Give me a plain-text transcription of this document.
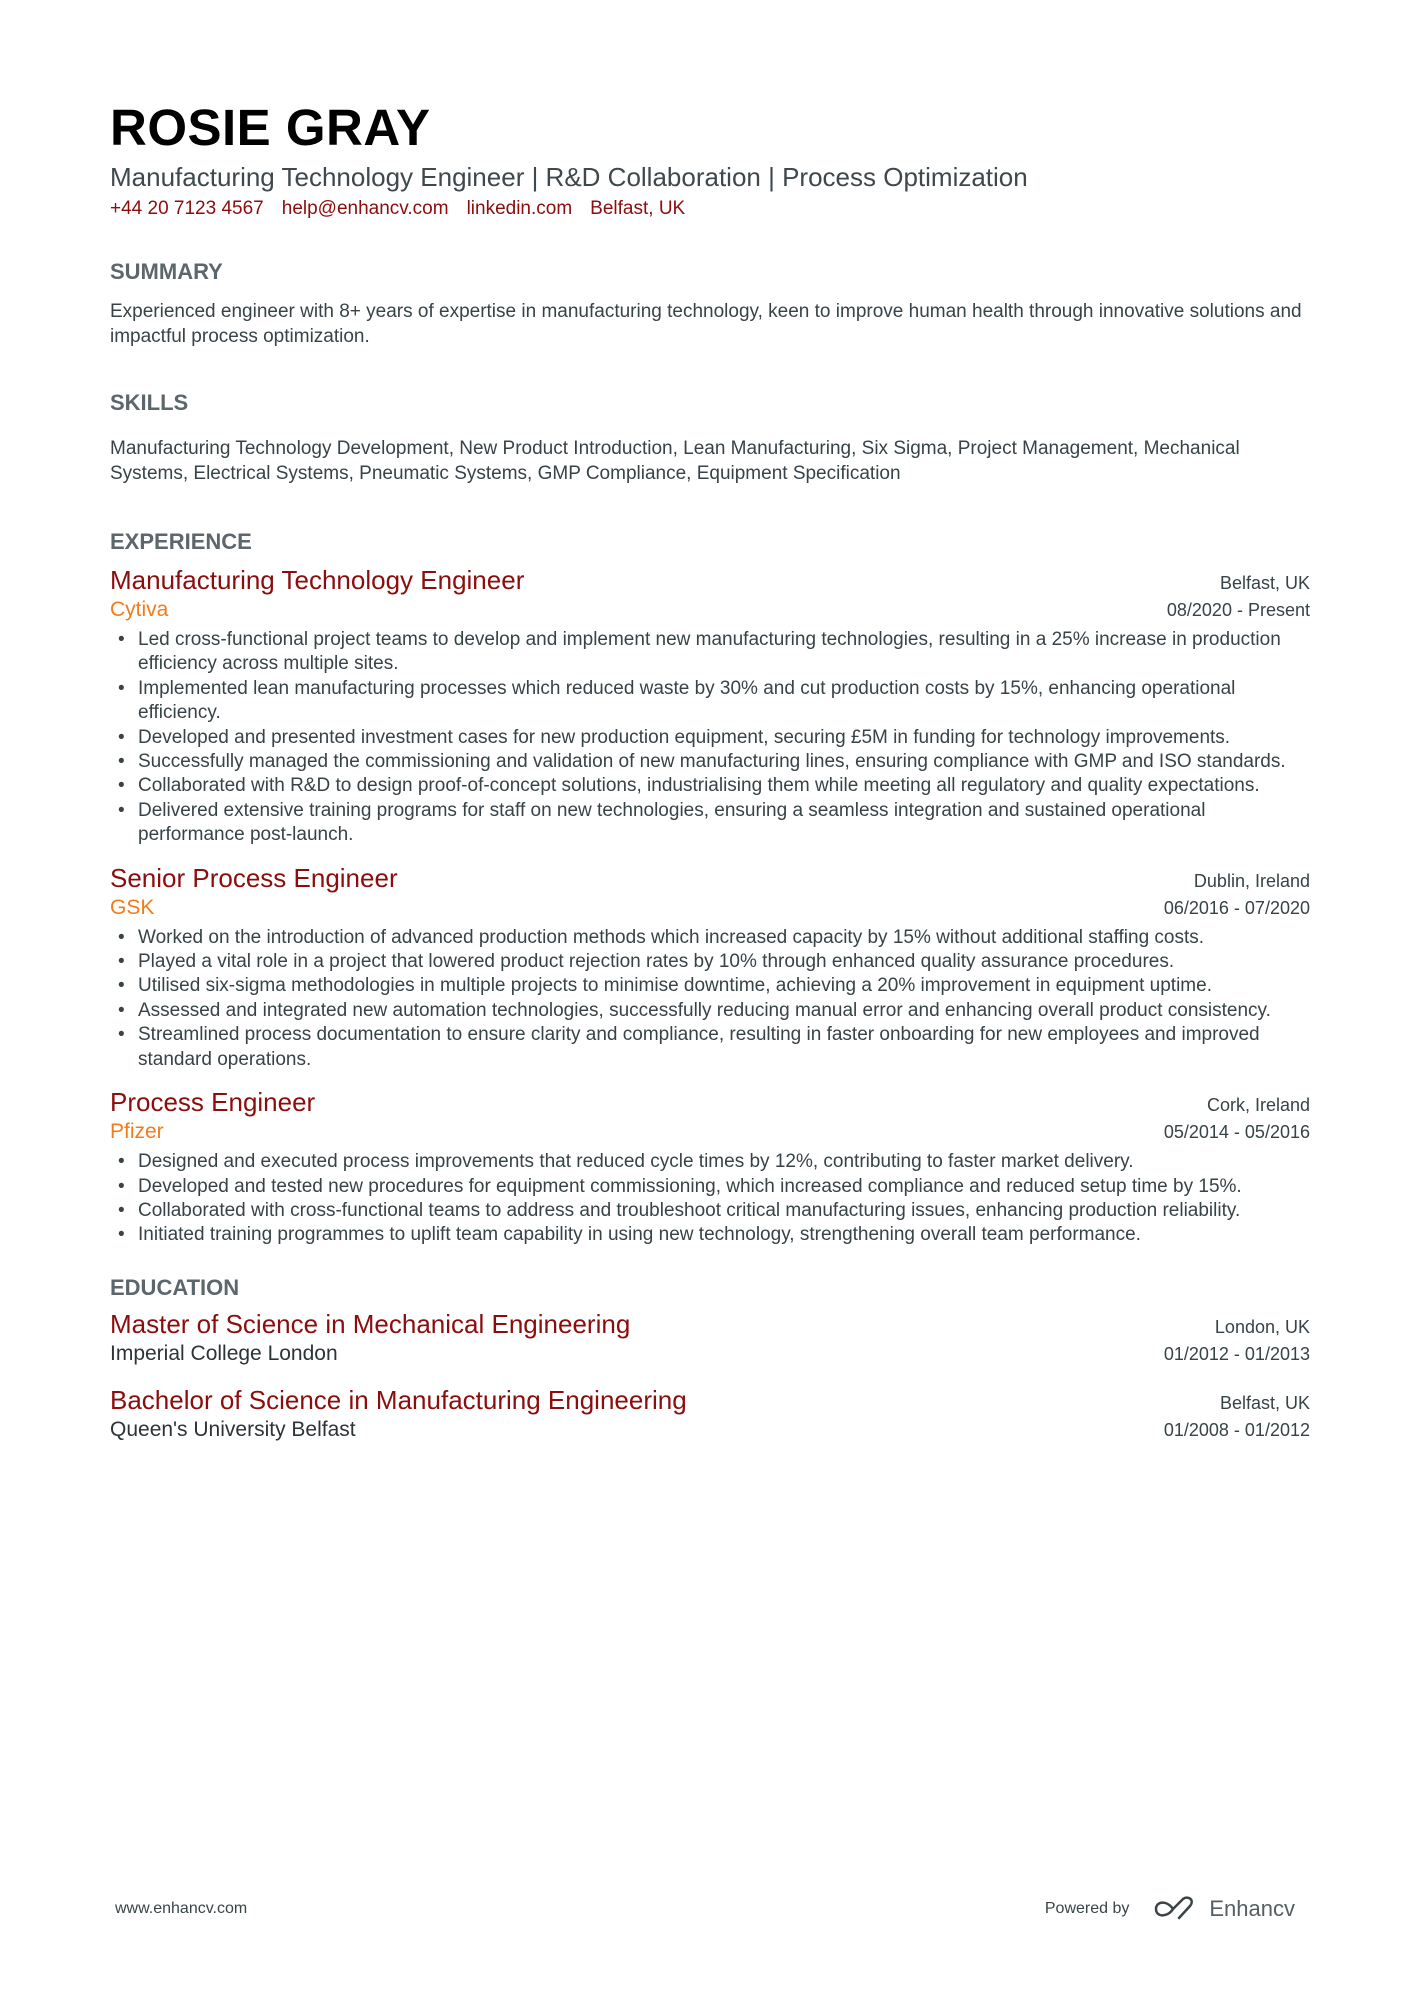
ROSIE GRAY
Manufacturing Technology Engineer | R&D Collaboration | Process Optimization
+44 20 7123 4567 help@enhancv.com linkedin.com Belfast, UK
SUMMARY
Experienced engineer with 8+ years of expertise in manufacturing technology, keen to improve human health through innovative solutions and impactful process optimization.
SKILLS
Manufacturing Technology Development, New Product Introduction, Lean Manufacturing, Six Sigma, Project Management, Mechanical Systems, Electrical Systems, Pneumatic Systems, GMP Compliance, Equipment Specification
EXPERIENCE
Manufacturing Technology Engineer	Belfast, UK
Cytiva	08/2020 - Present
• Led cross-functional project teams to develop and implement new manufacturing technologies, resulting in a 25% increase in production efficiency across multiple sites.
• Implemented lean manufacturing processes which reduced waste by 30% and cut production costs by 15%, enhancing operational efficiency.
• Developed and presented investment cases for new production equipment, securing £5M in funding for technology improvements.
• Successfully managed the commissioning and validation of new manufacturing lines, ensuring compliance with GMP and ISO standards.
• Collaborated with R&D to design proof-of-concept solutions, industrialising them while meeting all regulatory and quality expectations.
• Delivered extensive training programs for staff on new technologies, ensuring a seamless integration and sustained operational performance post-launch.
Senior Process Engineer	Dublin, Ireland
GSK	06/2016 - 07/2020
• Worked on the introduction of advanced production methods which increased capacity by 15% without additional staffing costs.
• Played a vital role in a project that lowered product rejection rates by 10% through enhanced quality assurance procedures.
• Utilised six-sigma methodologies in multiple projects to minimise downtime, achieving a 20% improvement in equipment uptime.
• Assessed and integrated new automation technologies, successfully reducing manual error and enhancing overall product consistency.
• Streamlined process documentation to ensure clarity and compliance, resulting in faster onboarding for new employees and improved standard operations.
Process Engineer	Cork, Ireland
Pfizer	05/2014 - 05/2016
• Designed and executed process improvements that reduced cycle times by 12%, contributing to faster market delivery.
• Developed and tested new procedures for equipment commissioning, which increased compliance and reduced setup time by 15%.
• Collaborated with cross-functional teams to address and troubleshoot critical manufacturing issues, enhancing production reliability.
• Initiated training programmes to uplift team capability in using new technology, strengthening overall team performance.
EDUCATION
Master of Science in Mechanical Engineering	London, UK
Imperial College London	01/2012 - 01/2013
Bachelor of Science in Manufacturing Engineering	Belfast, UK
Queen's University Belfast	01/2008 - 01/2012
www.enhancv.com	Powered by	Enhancv
